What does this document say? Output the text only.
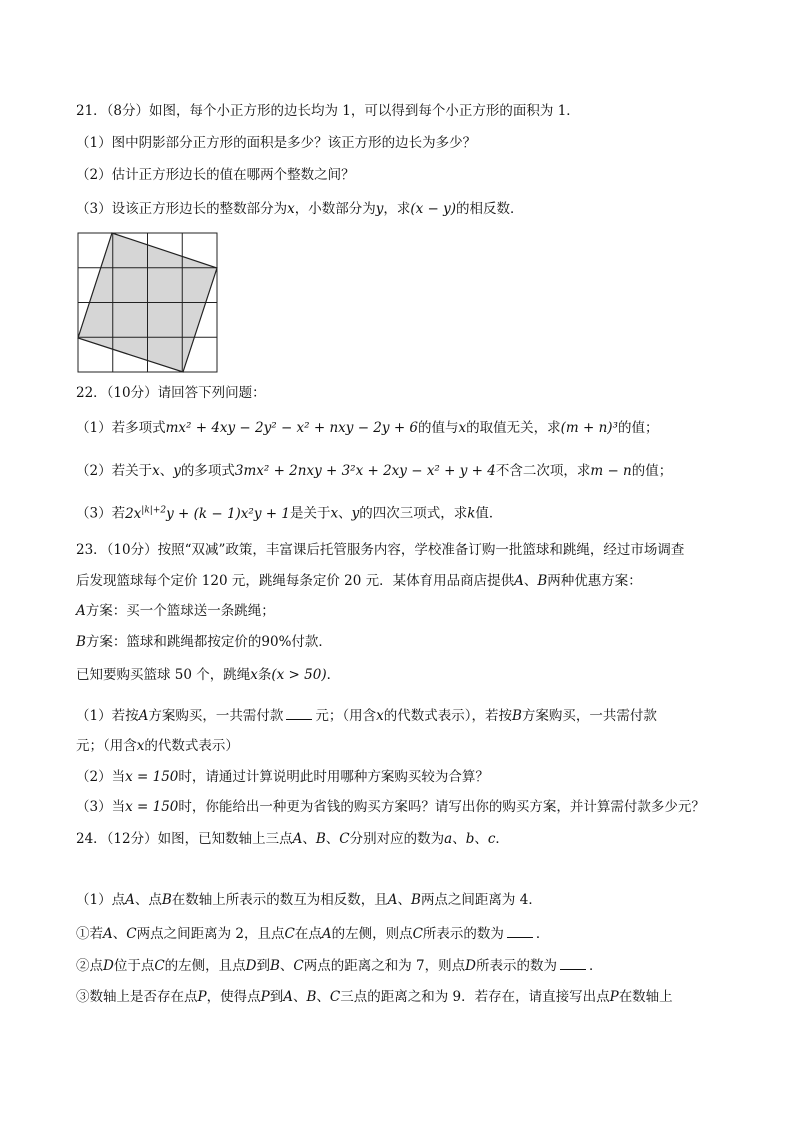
21．（8分）如图，每个小正方形的边长均为 1，可以得到每个小正方形的面积为 1．
（1）图中阴影部分正方形的面积是多少？该正方形的边长为多少？
（2）估计正方形边长的值在哪两个整数之间？
（3）设该正方形边长的整数部分为x，小数部分为y，求(x − y)的相反数．
22．（10分）请回答下列问题：
（1）若多项式mx² + 4xy − 2y² − x² + nxy − 2y + 6的值与x的取值无关，求(m + n)³的值；
（2）若关于x、y的多项式3mx² + 2nxy + 3²x + 2xy − x² + y + 4不含二次项，求m − n的值；
（3）若$2x^{|k|+2}y + (k - 1)x^2y + 1$是关于x、y的四次三项式，求k值．
23．（10分）按照“双减”政策，丰富课后托管服务内容，学校准备订购一批篮球和跳绳，经过市场调查
后发现篮球每个定价 120 元，跳绳每条定价 20 元．某体育用品商店提供A、B两种优惠方案：
A方案：买一个篮球送一条跳绳；
B方案：篮球和跳绳都按定价的90%付款．
已知要购买篮球 50 个，跳绳x条(x > 50)．
（1）若按A方案购买，一共需付款 元；（用含x的代数式表示），若按B方案购买，一共需付款
元；（用含x的代数式表示）
（2）当x = 150时，请通过计算说明此时用哪种方案购买较为合算？
（3）当x = 150时，你能给出一种更为省钱的购买方案吗？请写出你的购买方案，并计算需付款多少元？
24．（12分）如图，已知数轴上三点A、B、C分别对应的数为a、b、c．
（1）点A、点B在数轴上所表示的数互为相反数，且A、B两点之间距离为 4．
①若A、C两点之间距离为 2，且点C在点A的左侧，则点C所表示的数为 ．
②点D位于点C的左侧，且点D到B、C两点的距离之和为 7，则点D所表示的数为 ．
③数轴上是否存在点P，使得点P到A、B、C三点的距离之和为 9．若存在，请直接写出点P在数轴上
